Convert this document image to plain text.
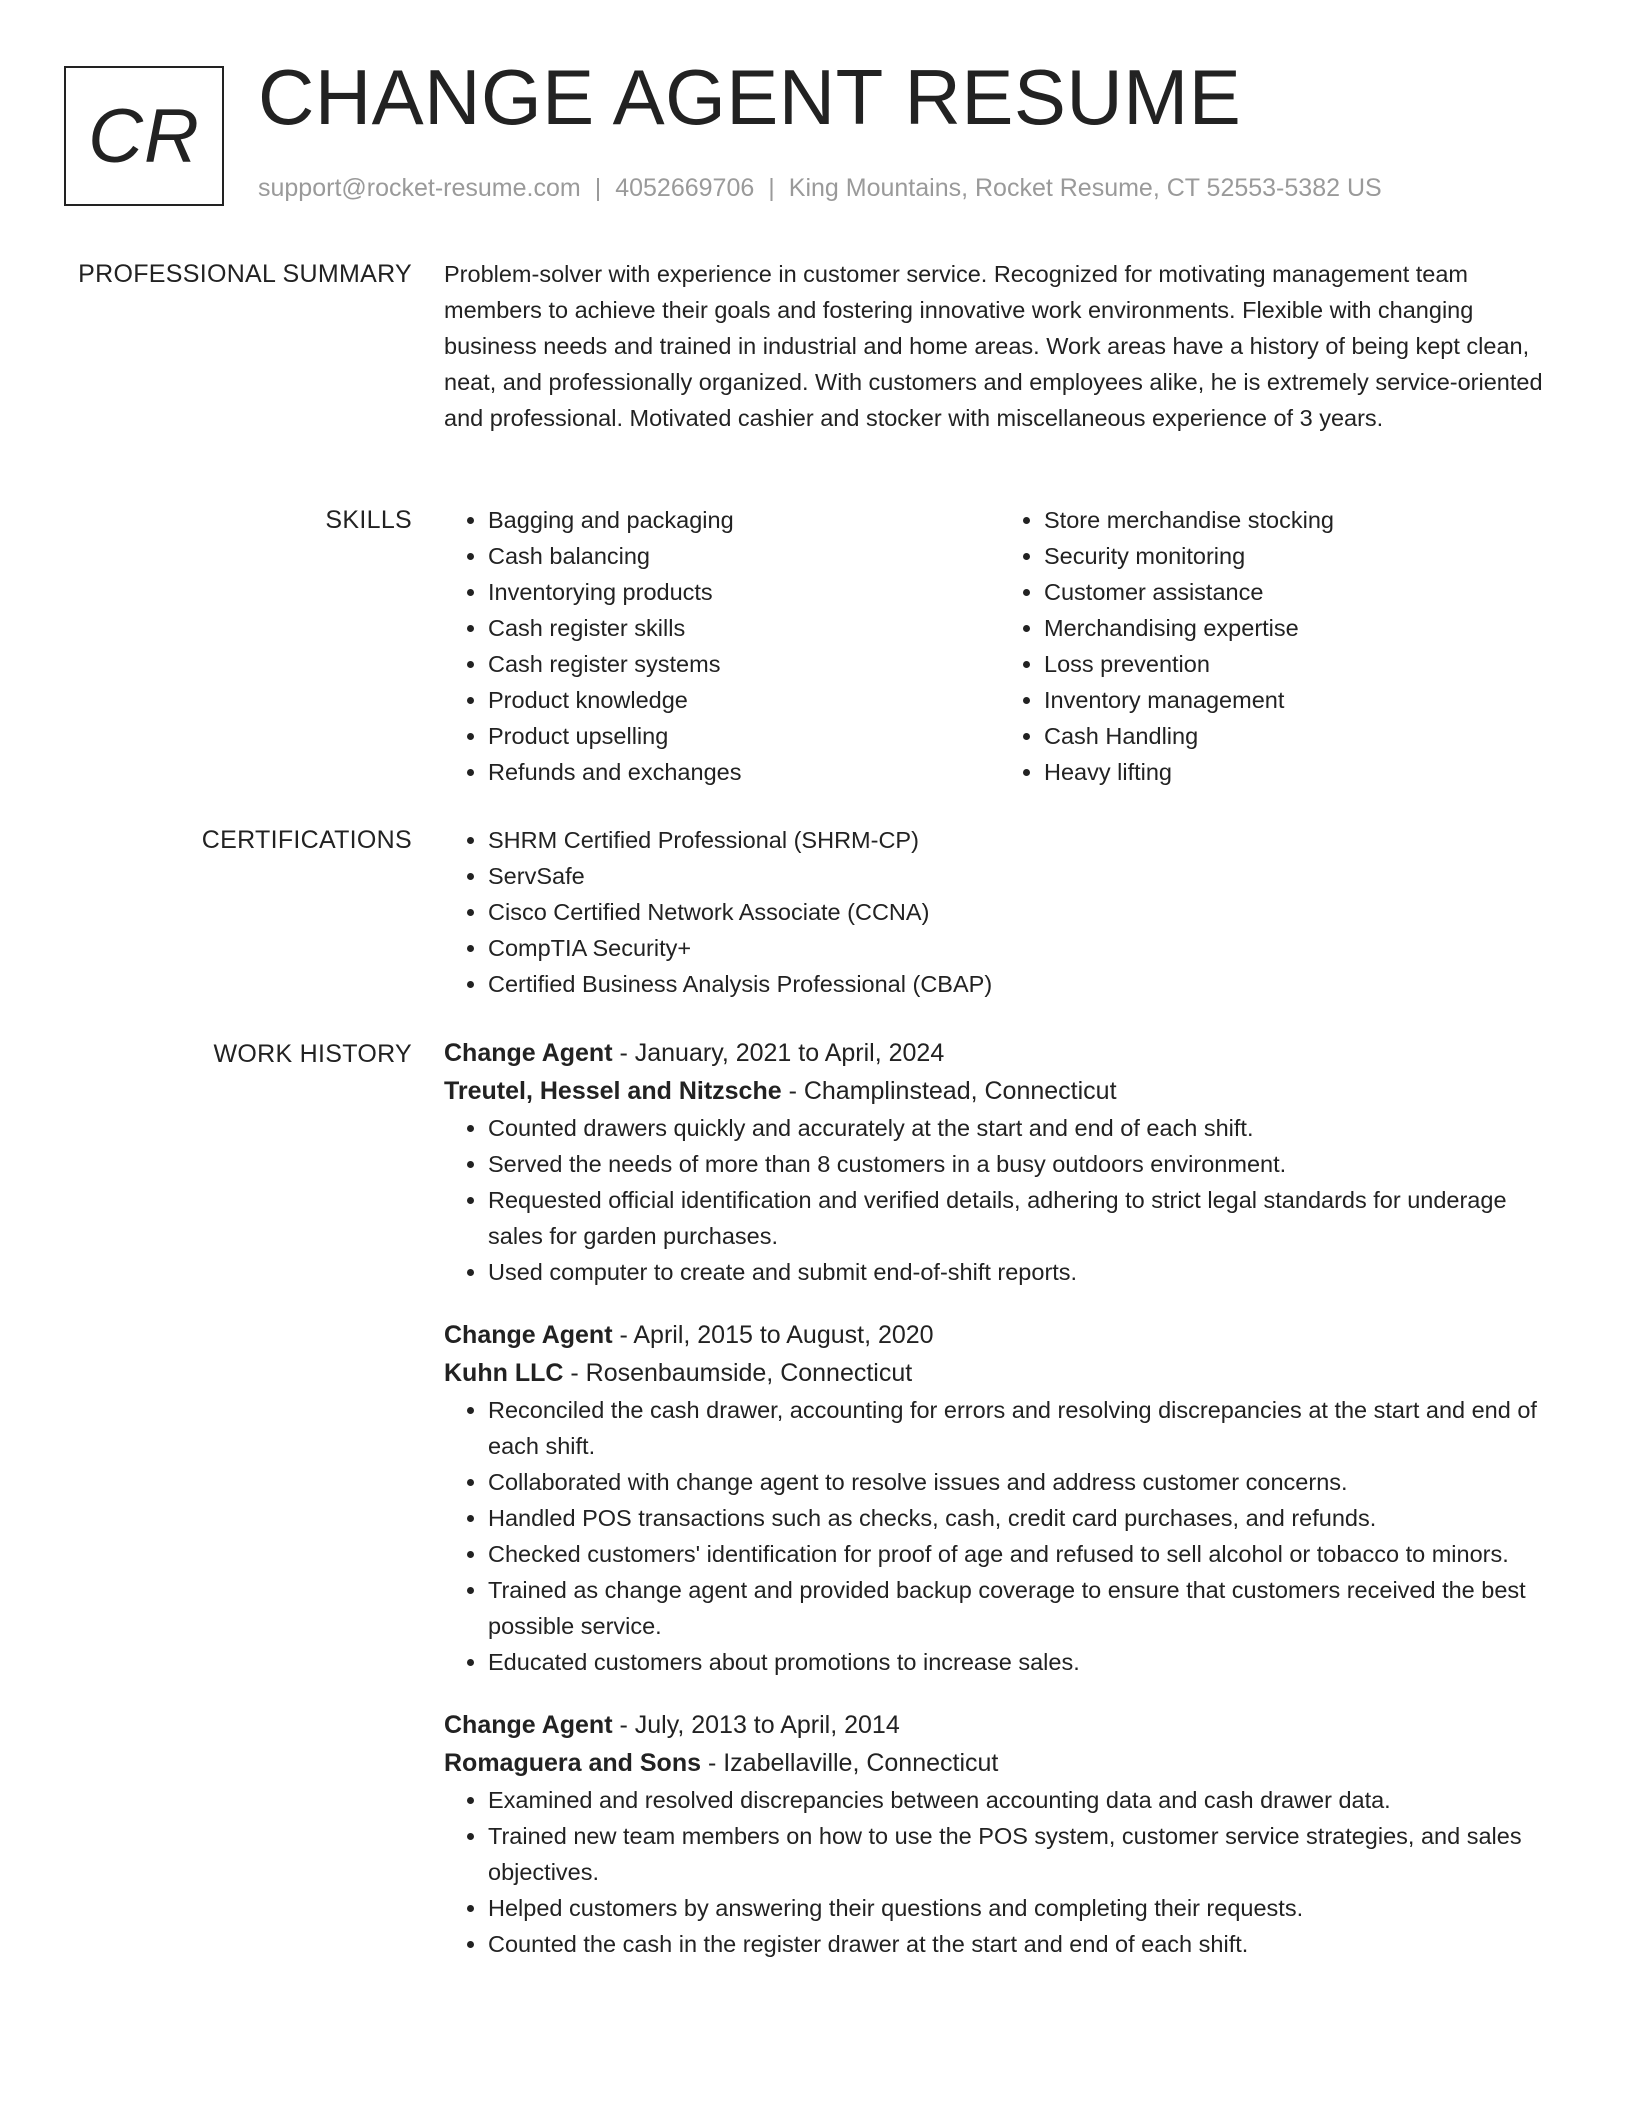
CR CHANGE AGENT RESUME
support@rocket-resume.com | 4052669706 | King Mountains, Rocket Resume, CT 52553-5382 US
PROFESSIONAL SUMMARY Problem-solver with experience in customer service. Recognized for motivating management team members to achieve their goals and fostering innovative work environments. Flexible with changing business needs and trained in industrial and home areas. Work areas have a history of being kept clean, neat, and professionally organized. With customers and employees alike, he is extremely service-oriented and professional. Motivated cashier and stocker with miscellaneous experience of 3 years.

SKILLS	• Bagging and packaging
• Cash balancing
• Inventorying products
• Cash register skills
• Cash register systems
• Product knowledge
• Product upselling
• Refunds and exchanges
• Store merchandise stocking
• Security monitoring
• Customer assistance
• Merchandising expertise
• Loss prevention
• Inventory management
• Cash Handling
• Heavy lifting
CERTIFICATIONS	• SHRM Certified Professional (SHRM-CP)
• ServSafe
• Cisco Certified Network Associate (CCNA)
• CompTIA Security+
• Certified Business Analysis Professional (CBAP)
WORK HISTORY Change Agent - January, 2021 to April, 2024
Treutel, Hessel and Nitzsche - Champlinstead, Connecticut
• Counted drawers quickly and accurately at the start and end of each shift.
• Served the needs of more than 8 customers in a busy outdoors environment.
• Requested official identification and verified details, adhering to strict legal standards for underage sales for garden purchases.
• Used computer to create and submit end-of-shift reports.
Change Agent - April, 2015 to August, 2020
Kuhn LLC - Rosenbaumside, Connecticut
• Reconciled the cash drawer, accounting for errors and resolving discrepancies at the start and end of each shift.
• Collaborated with change agent to resolve issues and address customer concerns.
• Handled POS transactions such as checks, cash, credit card purchases, and refunds.
• Checked customers' identification for proof of age and refused to sell alcohol or tobacco to minors.
• Trained as change agent and provided backup coverage to ensure that customers received the best possible service.
• Educated customers about promotions to increase sales.
Change Agent - July, 2013 to April, 2014
Romaguera and Sons - Izabellaville, Connecticut
• Examined and resolved discrepancies between accounting data and cash drawer data.
• Trained new team members on how to use the POS system, customer service strategies, and sales objectives.
• Helped customers by answering their questions and completing their requests.
• Counted the cash in the register drawer at the start and end of each shift.
